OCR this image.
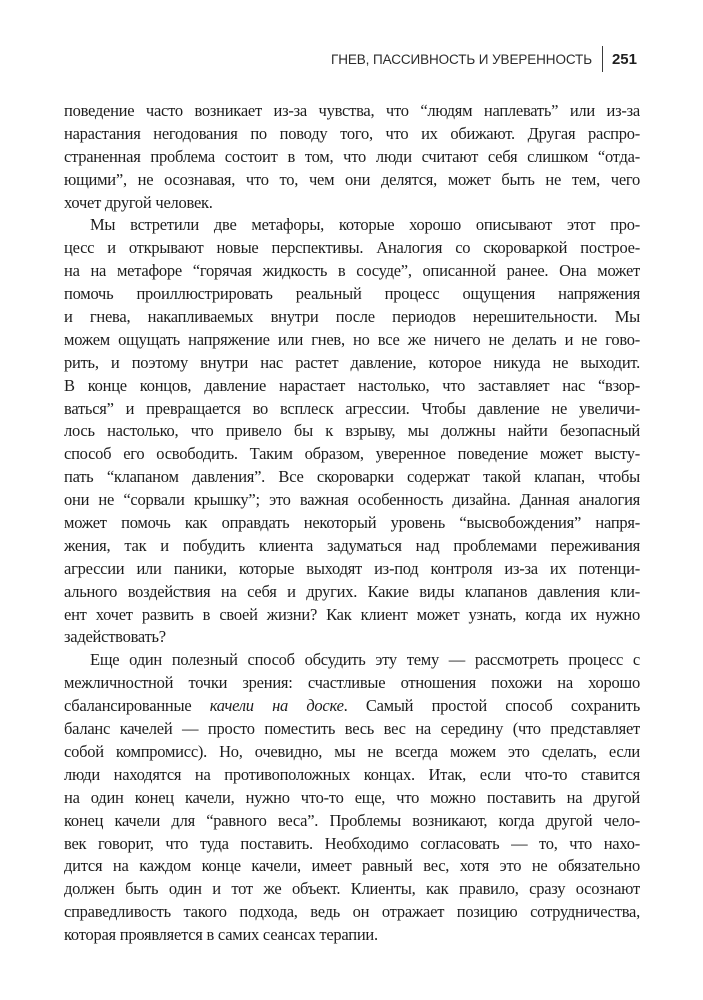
ГНЕВ, ПАССИВНОСТЬ И УВЕРЕННОСТЬ 251
поведение часто возникает из-за чувства, что “людям наплевать” или из-за
нарастания негодования по поводу того, что их обижают. Другая распро-
страненная проблема состоит в том, что люди считают себя слишком “отда-
ющими”, не осознавая, что то, чем они делятся, может быть не тем, чего
хочет другой человек.
Мы встретили две метафоры, которые хорошо описывают этот про-
цесс и открывают новые перспективы. Аналогия со скороваркой построе-
на на метафоре “горячая жидкость в сосуде”, описанной ранее. Она может
помочь проиллюстрировать реальный процесс ощущения напряжения
и гнева, накапливаемых внутри после периодов нерешительности. Мы
можем ощущать напряжение или гнев, но все же ничего не делать и не гово-
рить, и поэтому внутри нас растет давление, которое никуда не выходит.
В конце концов, давление нарастает настолько, что заставляет нас “взор-
ваться” и превращается во всплеск агрессии. Чтобы давление не увеличи-
лось настолько, что привело бы к взрыву, мы должны найти безопасный
способ его освободить. Таким образом, уверенное поведение может высту-
пать “клапаном давления”. Все скороварки содержат такой клапан, чтобы
они не “сорвали крышку”; это важная особенность дизайна. Данная аналогия
может помочь как оправдать некоторый уровень “высвобождения” напря-
жения, так и побудить клиента задуматься над проблемами переживания
агрессии или паники, которые выходят из-под контроля из-за их потенци-
ального воздействия на себя и других. Какие виды клапанов давления кли-
ент хочет развить в своей жизни? Как клиент может узнать, когда их нужно
задействовать?
Еще один полезный способ обсудить эту тему — рассмотреть процесс с
межличностной точки зрения: счастливые отношения похожи на хорошо
сбалансированные качели на доске. Самый простой способ сохранить
баланс качелей — просто поместить весь вес на середину (что представляет
собой компромисс). Но, очевидно, мы не всегда можем это сделать, если
люди находятся на противоположных концах. Итак, если что-то ставится
на один конец качели, нужно что-то еще, что можно поставить на другой
конец качели для “равного веса”. Проблемы возникают, когда другой чело-
век говорит, что туда поставить. Необходимо согласовать — то, что нахо-
дится на каждом конце качели, имеет равный вес, хотя это не обязательно
должен быть один и тот же объект. Клиенты, как правило, сразу осознают
справедливость такого подхода, ведь он отражает позицию сотрудничества,
которая проявляется в самих сеансах терапии.
